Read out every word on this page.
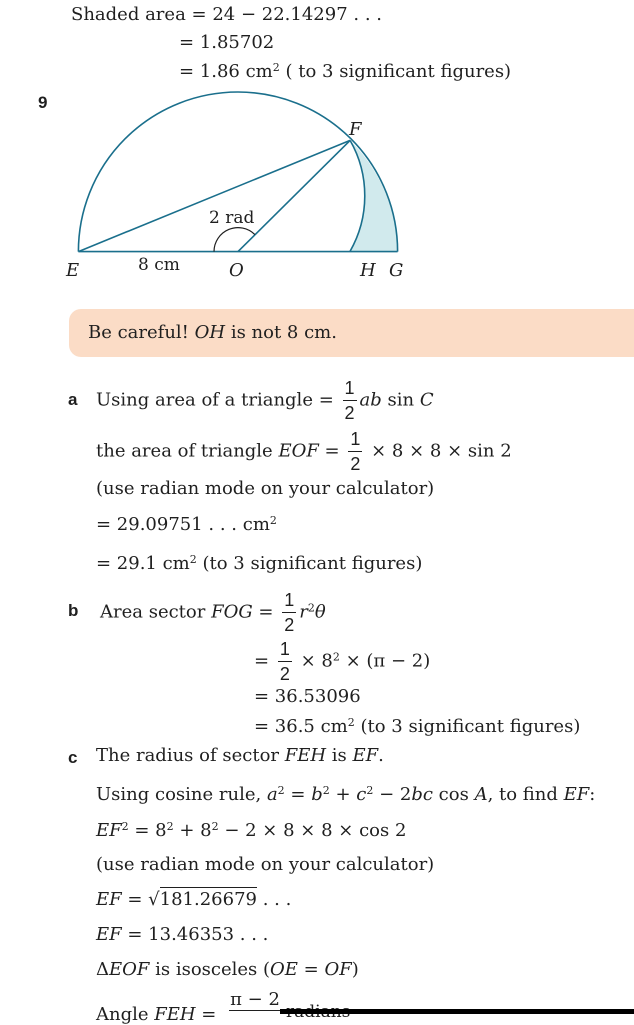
Shaded area = 24 − 22.14297 . . .
= 1.85702
= 1.86 $cm^2$ ( to 3 significant figures)
9
F
2 rad
8 cm
E	O	H G
Be careful! OH is not 8 cm.
a Using area of a triangle = $\frac{1}{2}$ ab sin C
the area of triangle EOF = $\frac{1}{2} \times 8 \times 8 \times \sin 2$
(use radian mode on your calculator)
= 29.09751 . . . $cm^2$
= 29.1 $cm^2$ (to 3 significant figures)
b Area sector FOG = $\frac{1}{2} r^2\theta$
= $\frac{1}{2} \times 8^2 \times (\pi - 2)$
= 36.53096
= 36.5 $cm^2$ (to 3 significant figures)
c The radius of sector FEH is EF.
Using cosine rule, $a^2 = b^2 + c^2 - 2bc$ cos A, to find EF:
$EF^2 = 8^2 + 8^2 - 2 \times 8 \times 8 \times \cos 2$
(use radian mode on your calculator)
EF = √181.26679 . . .
EF = 13.46353 . . .
ΔEOF is isosceles (OE = OF)
Angle FEH =
π − 2
